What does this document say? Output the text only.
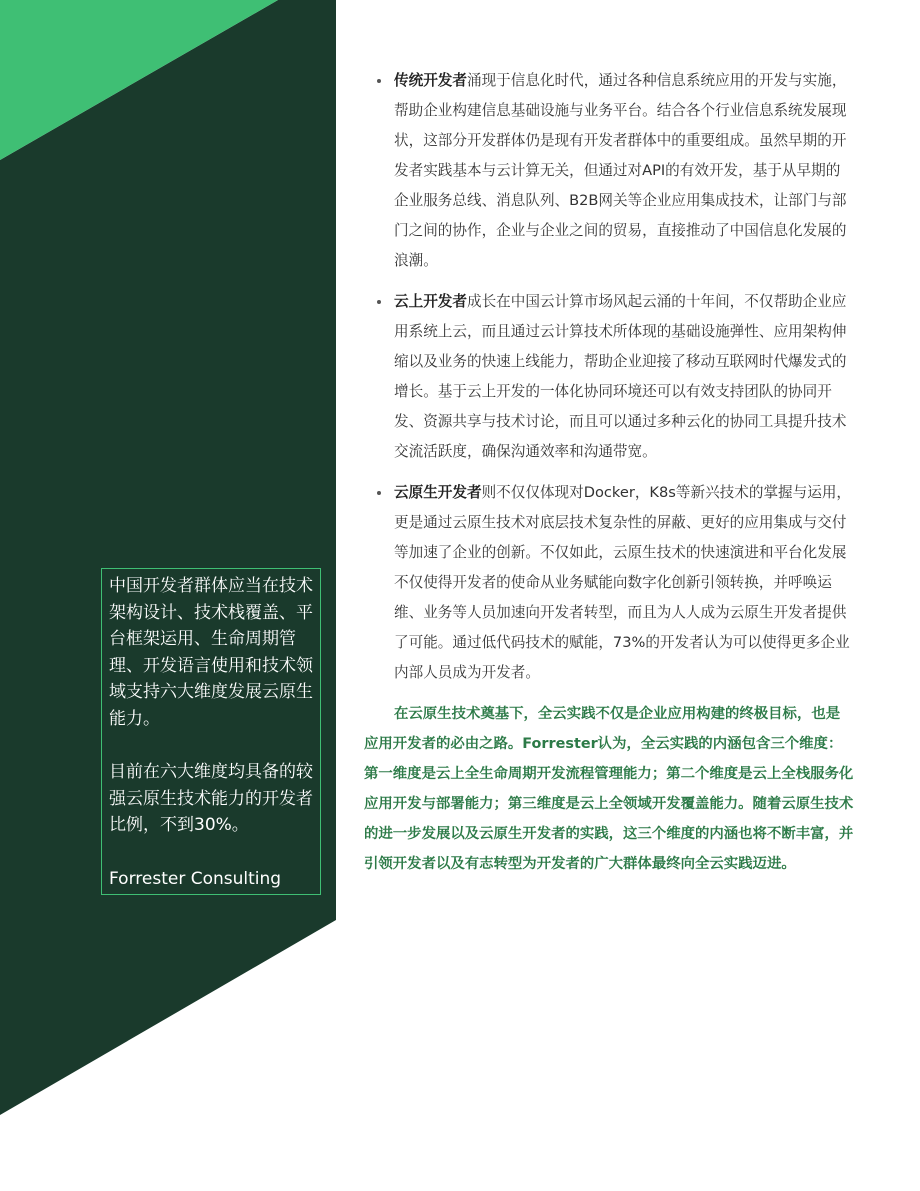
中国开发者群体应当在技术架构设计、技术栈覆盖、平台框架运用、生命周期管理、开发语言使用和技术领域支持六大维度发展云原生能力。

目前在六大维度均具备的较强云原生技术能力的开发者比例，不到30%。

Forrester Consulting

传统开发者涌现于信息化时代，通过各种信息系统应用的开发与实施，帮助企业构建信息基础设施与业务平台。结合各个行业信息系统发展现状，这部分开发群体仍是现有开发者群体中的重要组成。虽然早期的开发者实践基本与云计算无关，但通过对API的有效开发，基于从早期的企业服务总线、消息队列、B2B网关等企业应用集成技术，让部门与部门之间的协作，企业与企业之间的贸易，直接推动了中国信息化发展的浪潮。
云上开发者成长在中国云计算市场风起云涌的十年间，不仅帮助企业应用系统上云，而且通过云计算技术所体现的基础设施弹性、应用架构伸缩以及业务的快速上线能力，帮助企业迎接了移动互联网时代爆发式的增长。基于云上开发的一体化协同环境还可以有效支持团队的协同开发、资源共享与技术讨论，而且可以通过多种云化的协同工具提升技术交流活跃度，确保沟通效率和沟通带宽。
云原生开发者则不仅仅体现对Docker，K8s等新兴技术的掌握与运用，更是通过云原生技术对底层技术复杂性的屏蔽、更好的应用集成与交付等加速了企业的创新。不仅如此，云原生技术的快速演进和平台化发展不仅使得开发者的使命从业务赋能向数字化创新引领转换，并呼唤运维、业务等人员加速向开发者转型，而且为人人成为云原生开发者提供了可能。通过低代码技术的赋能，73%的开发者认为可以使得更多企业内部人员成为开发者。

在云原生技术奠基下，全云实践不仅是企业应用构建的终极目标，也是应用开发者的必由之路。Forrester认为，全云实践的内涵包含三个维度：第一维度是云上全生命周期开发流程管理能力；第二个维度是云上全栈服务化应用开发与部署能力；第三维度是云上全领域开发覆盖能力。随着云原生技术的进一步发展以及云原生开发者的实践，这三个维度的内涵也将不断丰富，并引领开发者以及有志转型为开发者的广大群体最终向全云实践迈进。
